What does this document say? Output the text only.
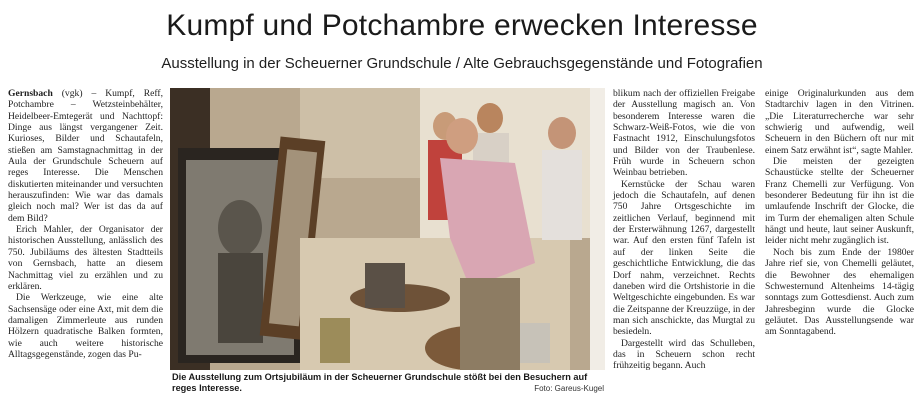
Kumpf und Potchambre erwecken Interesse
Ausstellung in der Scheuerner Grundschule / Alte Gebrauchsgegenstände und Fotografien

Gernsbach (vgk) – Kumpf, Reff, Potchambre – Wetzsteinbehälter, Heidelbeer-Emtegerät und Nachttopf: Dinge aus längst vergangener Zeit. Kurioses, Bilder und Schautafeln, stießen am Samstagnachmittag in der Aula der Grundschule Scheuern auf reges Interesse. Die Menschen diskutierten miteinander und versuchten herauszufinden: Wie war das damals gleich noch mal? Wer ist das da auf dem Bild?

Erich Mahler, der Organisator der historischen Ausstellung, anlässlich des 750. Jubiläums des ältesten Stadtteils von Gernsbach, hatte an diesem Nachmittag viel zu erzählen und zu erklären.

Die Werkzeuge, wie eine alte Sachsensäge oder eine Axt, mit dem die damaligen Zimmerleute aus runden Hölzern quadratische Balken formten, wie auch weitere historische Alltagsgegenstände, zogen das Pu-

blikum nach der offiziellen Freigabe der Ausstellung magisch an. Von besonderem Interesse waren die Schwarz-Weiß-Fotos, wie die von Fastnacht 1912, Einschulungsfotos und Bilder von der Traubenlese. Früh wurde in Scheuern schon Weinbau betrieben.

Kernstücke der Schau waren jedoch die Schautafeln, auf denen 750 Jahre Ortsgeschichte im zeitlichen Verlauf, beginnend mit der Ersterwähnung 1267, dargestellt war. Auf den ersten fünf Tafeln ist auf der linken Seite die geschichtliche Entwicklung, die das Dorf nahm, verzeichnet. Rechts daneben wird die Ortshistorie in die Weltgeschichte eingebunden. Es war die Zeitspanne der Kreuzzüge, in der man sich anschickte, das Murgtal zu besiedeln.

Dargestellt wird das Schulleben, das in Scheuern schon recht frühzeitig begann. Auch

einige Originalurkunden aus dem Stadtarchiv lagen in den Vitrinen. „Die Literaturrecherche war sehr schwierig und aufwendig, weil Scheuern in den Büchern oft nur mit einem Satz erwähnt ist“, sagte Mahler.

Die meisten der gezeigten Schaustücke stellte der Scheuerner Franz Chemelli zur Verfügung. Von besonderer Bedeutung für ihn ist die umlaufende Inschrift der Glocke, die im Turm der ehemaligen alten Schule hängt und heute, laut seiner Auskunft, leider nicht mehr zugänglich ist.

Noch bis zum Ende der 1980er Jahre rief sie, von Chemelli geläutet, die Bewohner des ehemaligen Schwesternund Altenheims 14-tägig sonntags zum Gottesdienst. Auch zum Jahresbeginn wurde die Glocke geläutet. Das Ausstellungsende war am Sonntagabend.

Die Ausstellung zum Ortsjubiläum in der Scheuerner Grundschule stößt bei den Besuchern auf reges Interesse.	Foto: Gareus-Kugel
